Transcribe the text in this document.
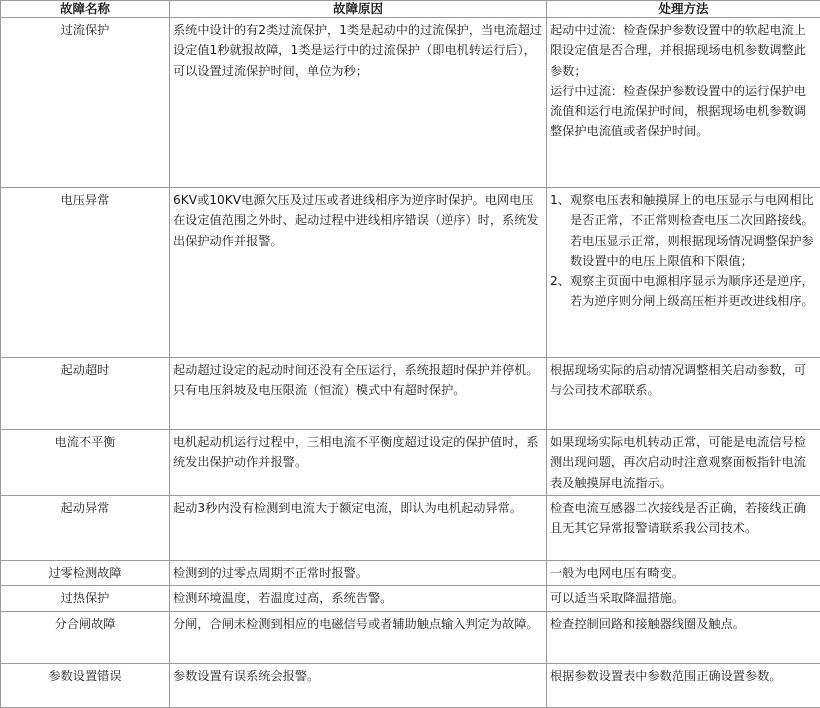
故障名称	故障原因	处理方法
过流保护	系统中设计的有2类过流保护，1类是起动中的过流保护，当电流超过设定值1秒就报故障，1类是运行中的过流保护（即电机转运行后），可以设置过流保护时间，单位为秒；	起动中过流：检查保护参数设置中的软起电流上限设定值是否合理，并根据现场电机参数调整此参数；
运行中过流：检查保护参数设置中的运行保护电流值和运行电流保护时间，根据现场电机参数调整保护电流值或者保护时间。

电压异常	6KV或10KV电源欠压及过压或者进线相序为逆序时保护。电网电压在设定值范围之外时、起动过程中进线相序错误（逆序）时，系统发出保护动作并报警。	1、观察电压表和触摸屏上的电压显示与电网相比是否正常，不正常则检查电压二次回路接线。若电压显示正常，则根据现场情况调整保护参数设置中的电压上限值和下限值；
2、观察主页面中电源相序显示为顺序还是逆序，若为逆序则分闸上级高压柜并更改进线相序。

起动超时	起动超过设定的起动时间还没有全压运行，系统报超时保护并停机。只有电压斜坡及电压限流（恒流）模式中有超时保护。	根据现场实际的启动情况调整相关启动参数，可与公司技术部联系。
电流不平衡	电机起动机运行过程中，三相电流不平衡度超过设定的保护值时，系统发出保护动作并报警。	如果现场实际电机转动正常，可能是电流信号检测出现问题，再次启动时注意观察面板指针电流表及触摸屏电流指示。
起动异常	起动3秒内没有检测到电流大于额定电流，即认为电机起动异常。	检查电流互感器二次接线是否正确，若接线正确且无其它异常报警请联系我公司技术。
过零检测故障	检测到的过零点周期不正常时报警。	一般为电网电压有畸变。
过热保护	检测环境温度，若温度过高，系统告警。	可以适当采取降温措施。
分合闸故障	分闸，合闸未检测到相应的电磁信号或者辅助触点输入判定为故障。	检查控制回路和接触器线圈及触点。
参数设置错误	参数设置有误系统会报警。	根据参数设置表中参数范围正确设置参数。
